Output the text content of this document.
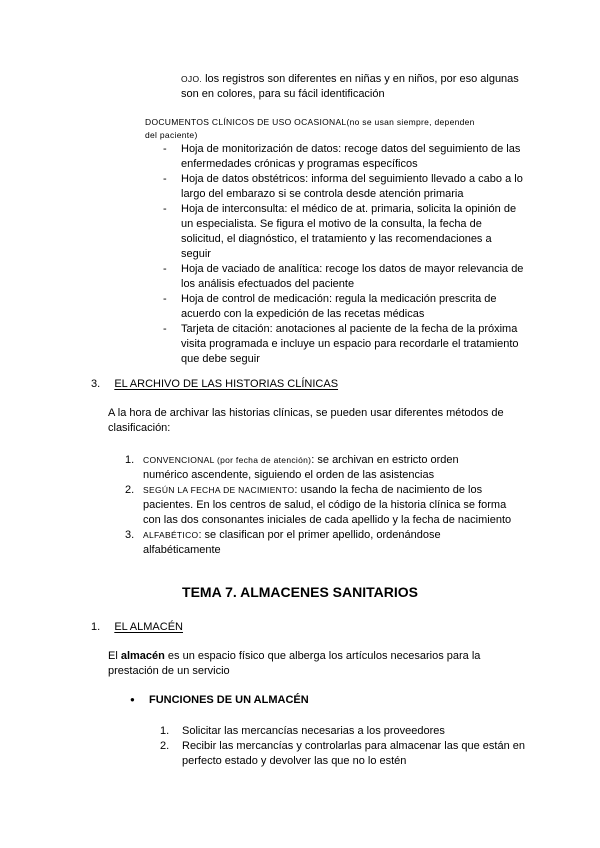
OJO. los registros son diferentes en niñas y en niños, por eso algunas
son en colores, para su fácil identificación
DOCUMENTOS CLÍNICOS DE USO OCASIONAL(no se usan siempre, dependen
del paciente)
- Hoja de monitorización de datos: recoge datos del seguimiento de las
enfermedades crónicas y programas específicos
- Hoja de datos obstétricos: informa del seguimiento llevado a cabo a lo
largo del embarazo si se controla desde atención primaria
- Hoja de interconsulta: el médico de at. primaria, solicita la opinión de
un especialista. Se figura el motivo de la consulta, la fecha de
solicitud, el diagnóstico, el tratamiento y las recomendaciones a
seguir
- Hoja de vaciado de analítica: recoge los datos de mayor relevancia de
los análisis efectuados del paciente
- Hoja de control de medicación: regula la medicación prescrita de
acuerdo con la expedición de las recetas médicas
- Tarjeta de citación: anotaciones al paciente de la fecha de la próxima
visita programada e incluye un espacio para recordarle el tratamiento
que debe seguir
3. EL ARCHIVO DE LAS HISTORIAS CLÍNICAS
A la hora de archivar las historias clínicas, se pueden usar diferentes métodos de
clasificación:
1. CONVENCIONAL (por fecha de atención): se archivan en estricto orden
numérico ascendente, siguiendo el orden de las asistencias
2. SEGÚN LA FECHA DE NACIMIENTO: usando la fecha de nacimiento de los
pacientes. En los centros de salud, el código de la historia clínica se forma
con las dos consonantes iniciales de cada apellido y la fecha de nacimiento
3. ALFABÉTICO: se clasifican por el primer apellido, ordenándose
alfabéticamente
TEMA 7. ALMACENES SANITARIOS
1. EL ALMACÉN
El almacén es un espacio físico que alberga los artículos necesarios para la
prestación de un servicio
● FUNCIONES DE UN ALMACÉN
1. Solicitar las mercancías necesarias a los proveedores
2. Recibir las mercancías y controlarlas para almacenar las que están en
perfecto estado y devolver las que no lo estén
